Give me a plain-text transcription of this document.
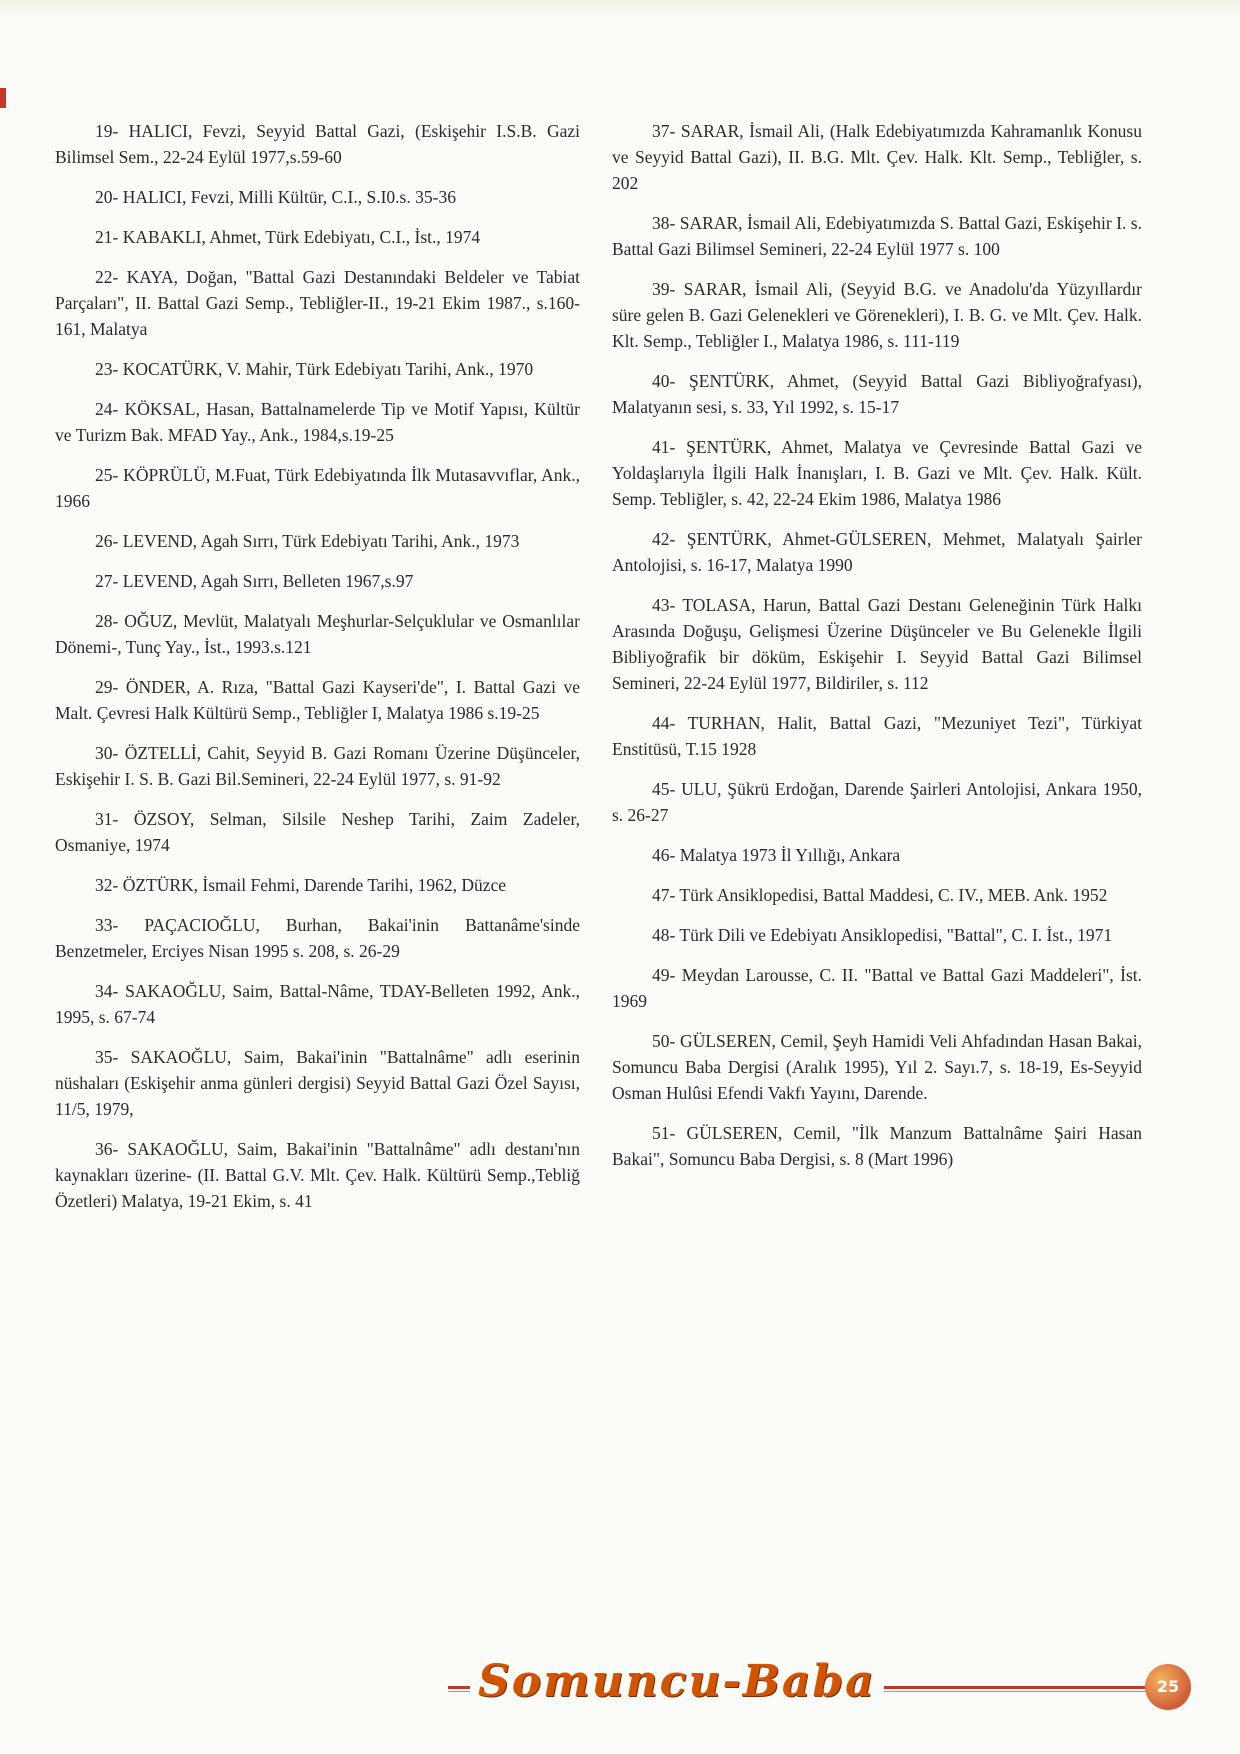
19- HALICI, Fevzi, Seyyid Battal Gazi, (Eskişehir I.S.B. Gazi Bilimsel Sem., 22-24 Eylül 1977,s.59-60

20- HALICI, Fevzi, Milli Kültür, C.I., S.I0.s. 35-36

21- KABAKLI, Ahmet, Türk Edebiyatı, C.I., İst., 1974

22- KAYA, Doğan, "Battal Gazi Destanındaki Beldeler ve Tabiat Parçaları", II. Battal Gazi Semp., Tebliğler-II., 19-21 Ekim 1987., s.160-161, Malatya

23- KOCATÜRK, V. Mahir, Türk Edebiyatı Tarihi, Ank., 1970

24- KÖKSAL, Hasan, Battalnamelerde Tip ve Motif Yapısı, Kültür ve Turizm Bak. MFAD Yay., Ank., 1984,s.19-25

25- KÖPRÜLÜ, M.Fuat, Türk Edebiyatında İlk Mutasavvıflar, Ank., 1966

26- LEVEND, Agah Sırrı, Türk Edebiyatı Tarihi, Ank., 1973

27- LEVEND, Agah Sırrı, Belleten 1967,s.97

28- OĞUZ, Mevlüt, Malatyalı Meşhurlar-Selçuklular ve Osmanlılar Dönemi-, Tunç Yay., İst., 1993.s.121

29- ÖNDER, A. Rıza, "Battal Gazi Kayseri'de", I. Battal Gazi ve Malt. Çevresi Halk Kültürü Semp., Tebliğler I, Malatya 1986 s.19-25

30- ÖZTELLİ, Cahit, Seyyid B. Gazi Romanı Üzerine Düşünceler, Eskişehir I. S. B. Gazi Bil.Semineri, 22-24 Eylül 1977, s. 91-92

31- ÖZSOY, Selman, Silsile Neshep Tarihi, Zaim Zadeler, Osmaniye, 1974

32- ÖZTÜRK, İsmail Fehmi, Darende Tarihi, 1962, Düzce

33- PAÇACIOĞLU, Burhan, Bakai'inin Battanâme'sinde Benzetmeler, Erciyes Nisan 1995 s. 208, s. 26-29

34- SAKAOĞLU, Saim, Battal-Nâme, TDAY-Belleten 1992, Ank., 1995, s. 67-74

35- SAKAOĞLU, Saim, Bakai'inin "Battalnâme" adlı eserinin nüshaları (Eskişehir anma günleri dergisi) Seyyid Battal Gazi Özel Sayısı, 11/5, 1979,

36- SAKAOĞLU, Saim, Bakai'inin "Battalnâme" adlı destanı'nın kaynakları üzerine- (II. Battal G.V. Mlt. Çev. Halk. Kültürü Semp.,Tebliğ Özetleri) Malatya, 19-21 Ekim, s. 41

37- SARAR, İsmail Ali, (Halk Edebiyatımızda Kahramanlık Konusu ve Seyyid Battal Gazi), II. B.G. Mlt. Çev. Halk. Klt. Semp., Tebliğler, s. 202

38- SARAR, İsmail Ali, Edebiyatımızda S. Battal Gazi, Eskişehir I. s. Battal Gazi Bilimsel Semineri, 22-24 Eylül 1977 s. 100

39- SARAR, İsmail Ali, (Seyyid B.G. ve Anadolu'da Yüzyıllardır süre gelen B. Gazi Gelenekleri ve Görenekleri), I. B. G. ve Mlt. Çev. Halk. Klt. Semp., Tebliğler I., Malatya 1986, s. 111-119

40- ŞENTÜRK, Ahmet, (Seyyid Battal Gazi Bibliyoğrafyası), Malatyanın sesi, s. 33, Yıl 1992, s. 15-17

41- ŞENTÜRK, Ahmet, Malatya ve Çevresinde Battal Gazi ve Yoldaşlarıyla İlgili Halk İnanışları, I. B. Gazi ve Mlt. Çev. Halk. Kült. Semp. Tebliğler, s. 42, 22-24 Ekim 1986, Malatya 1986

42- ŞENTÜRK, Ahmet-GÜLSEREN, Mehmet, Malatyalı Şairler Antolojisi, s. 16-17, Malatya 1990

43- TOLASA, Harun, Battal Gazi Destanı Geleneğinin Türk Halkı Arasında Doğuşu, Gelişmesi Üzerine Düşünceler ve Bu Gelenekle İlgili Bibliyoğrafik bir döküm, Eskişehir I. Seyyid Battal Gazi Bilimsel Semineri, 22-24 Eylül 1977, Bildiriler, s. 112

44- TURHAN, Halit, Battal Gazi, "Mezuniyet Tezi", Türkiyat Enstitüsü, T.15 1928

45- ULU, Şükrü Erdoğan, Darende Şairleri Antolojisi, Ankara 1950, s. 26-27

46- Malatya 1973 İl Yıllığı, Ankara

47- Türk Ansiklopedisi, Battal Maddesi, C. IV., MEB. Ank. 1952

48- Türk Dili ve Edebiyatı Ansiklopedisi, "Battal", C. I. İst., 1971

49- Meydan Larousse, C. II. "Battal ve Battal Gazi Maddeleri", İst. 1969

50- GÜLSEREN, Cemil, Şeyh Hamidi Veli Ahfadından Hasan Bakai, Somuncu Baba Dergisi (Aralık 1995), Yıl 2. Sayı.7, s. 18-19, Es-Seyyid Osman Hulûsi Efendi Vakfı Yayını, Darende.

51- GÜLSEREN, Cemil, "İlk Manzum Battalnâme Şairi Hasan Bakai", Somuncu Baba Dergisi, s. 8 (Mart 1996)

Somuncu-Baba	25
